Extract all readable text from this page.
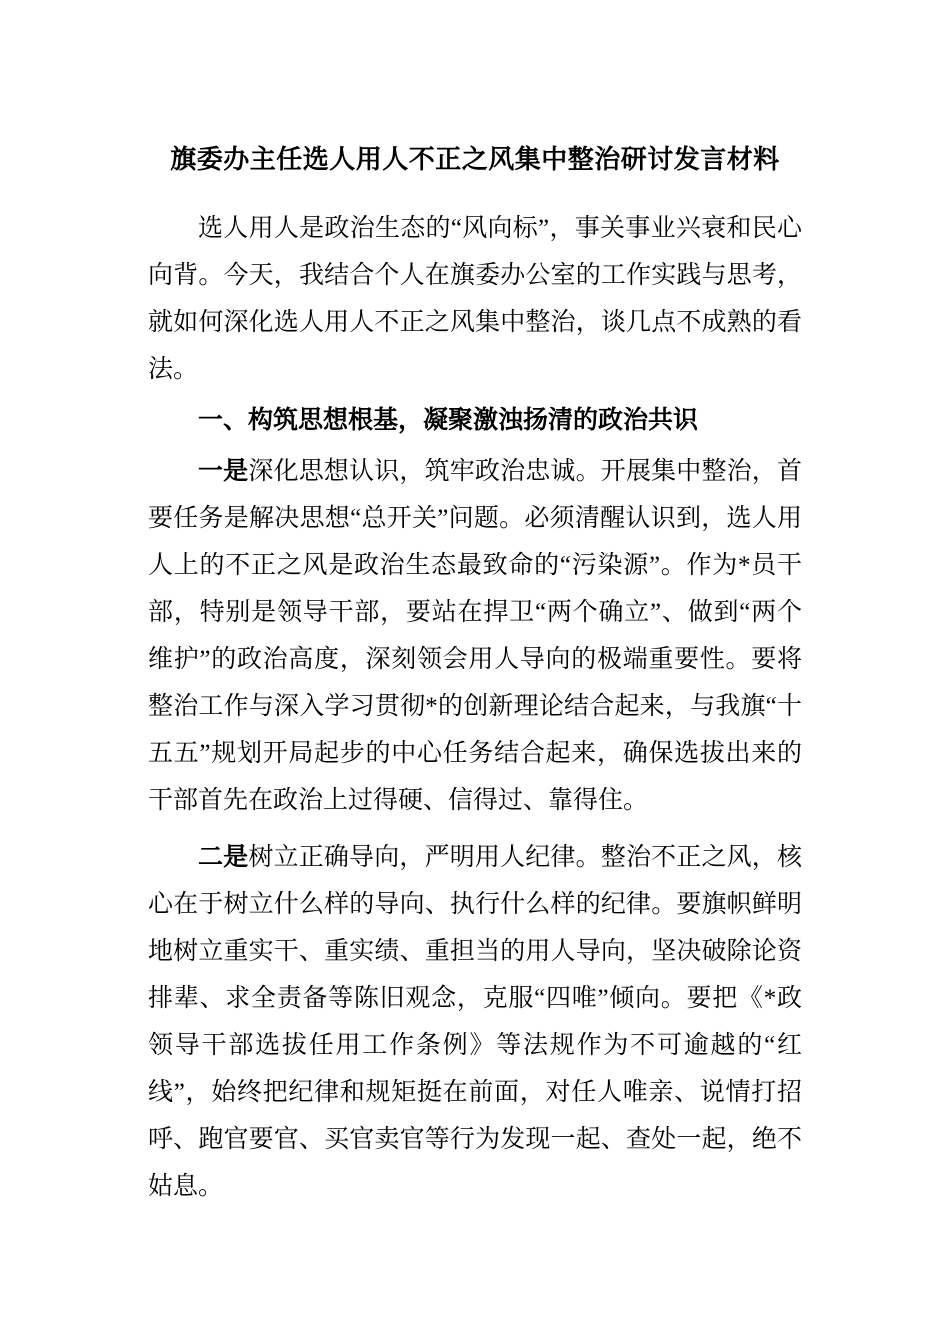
旗委办主任选人用人不正之风集中整治研讨发言材料

选人用人是政治生态的“风向标”，事关事业兴衰和民心向背。今天，我结合个人在旗委办公室的工作实践与思考，就如何深化选人用人不正之风集中整治，谈几点不成熟的看法。

一、构筑思想根基，凝聚激浊扬清的政治共识

一是深化思想认识，筑牢政治忠诚。开展集中整治，首要任务是解决思想“总开关”问题。必须清醒认识到，选人用人上的不正之风是政治生态最致命的“污染源”。作为*员干部，特别是领导干部，要站在捍卫“两个确立”、做到“两个维护”的政治高度，深刻领会用人导向的极端重要性。要将整治工作与深入学习贯彻*的创新理论结合起来，与我旗“十五五”规划开局起步的中心任务结合起来，确保选拔出来的干部首先在政治上过得硬、信得过、靠得住。

二是树立正确导向，严明用人纪律。整治不正之风，核心在于树立什么样的导向、执行什么样的纪律。要旗帜鲜明地树立重实干、重实绩、重担当的用人导向，坚决破除论资排辈、求全责备等陈旧观念，克服“四唯”倾向。要把《*政领导干部选拔任用工作条例》等法规作为不可逾越的“红线”，始终把纪律和规矩挺在前面，对任人唯亲、说情打招呼、跑官要官、买官卖官等行为发现一起、查处一起，绝不姑息。
